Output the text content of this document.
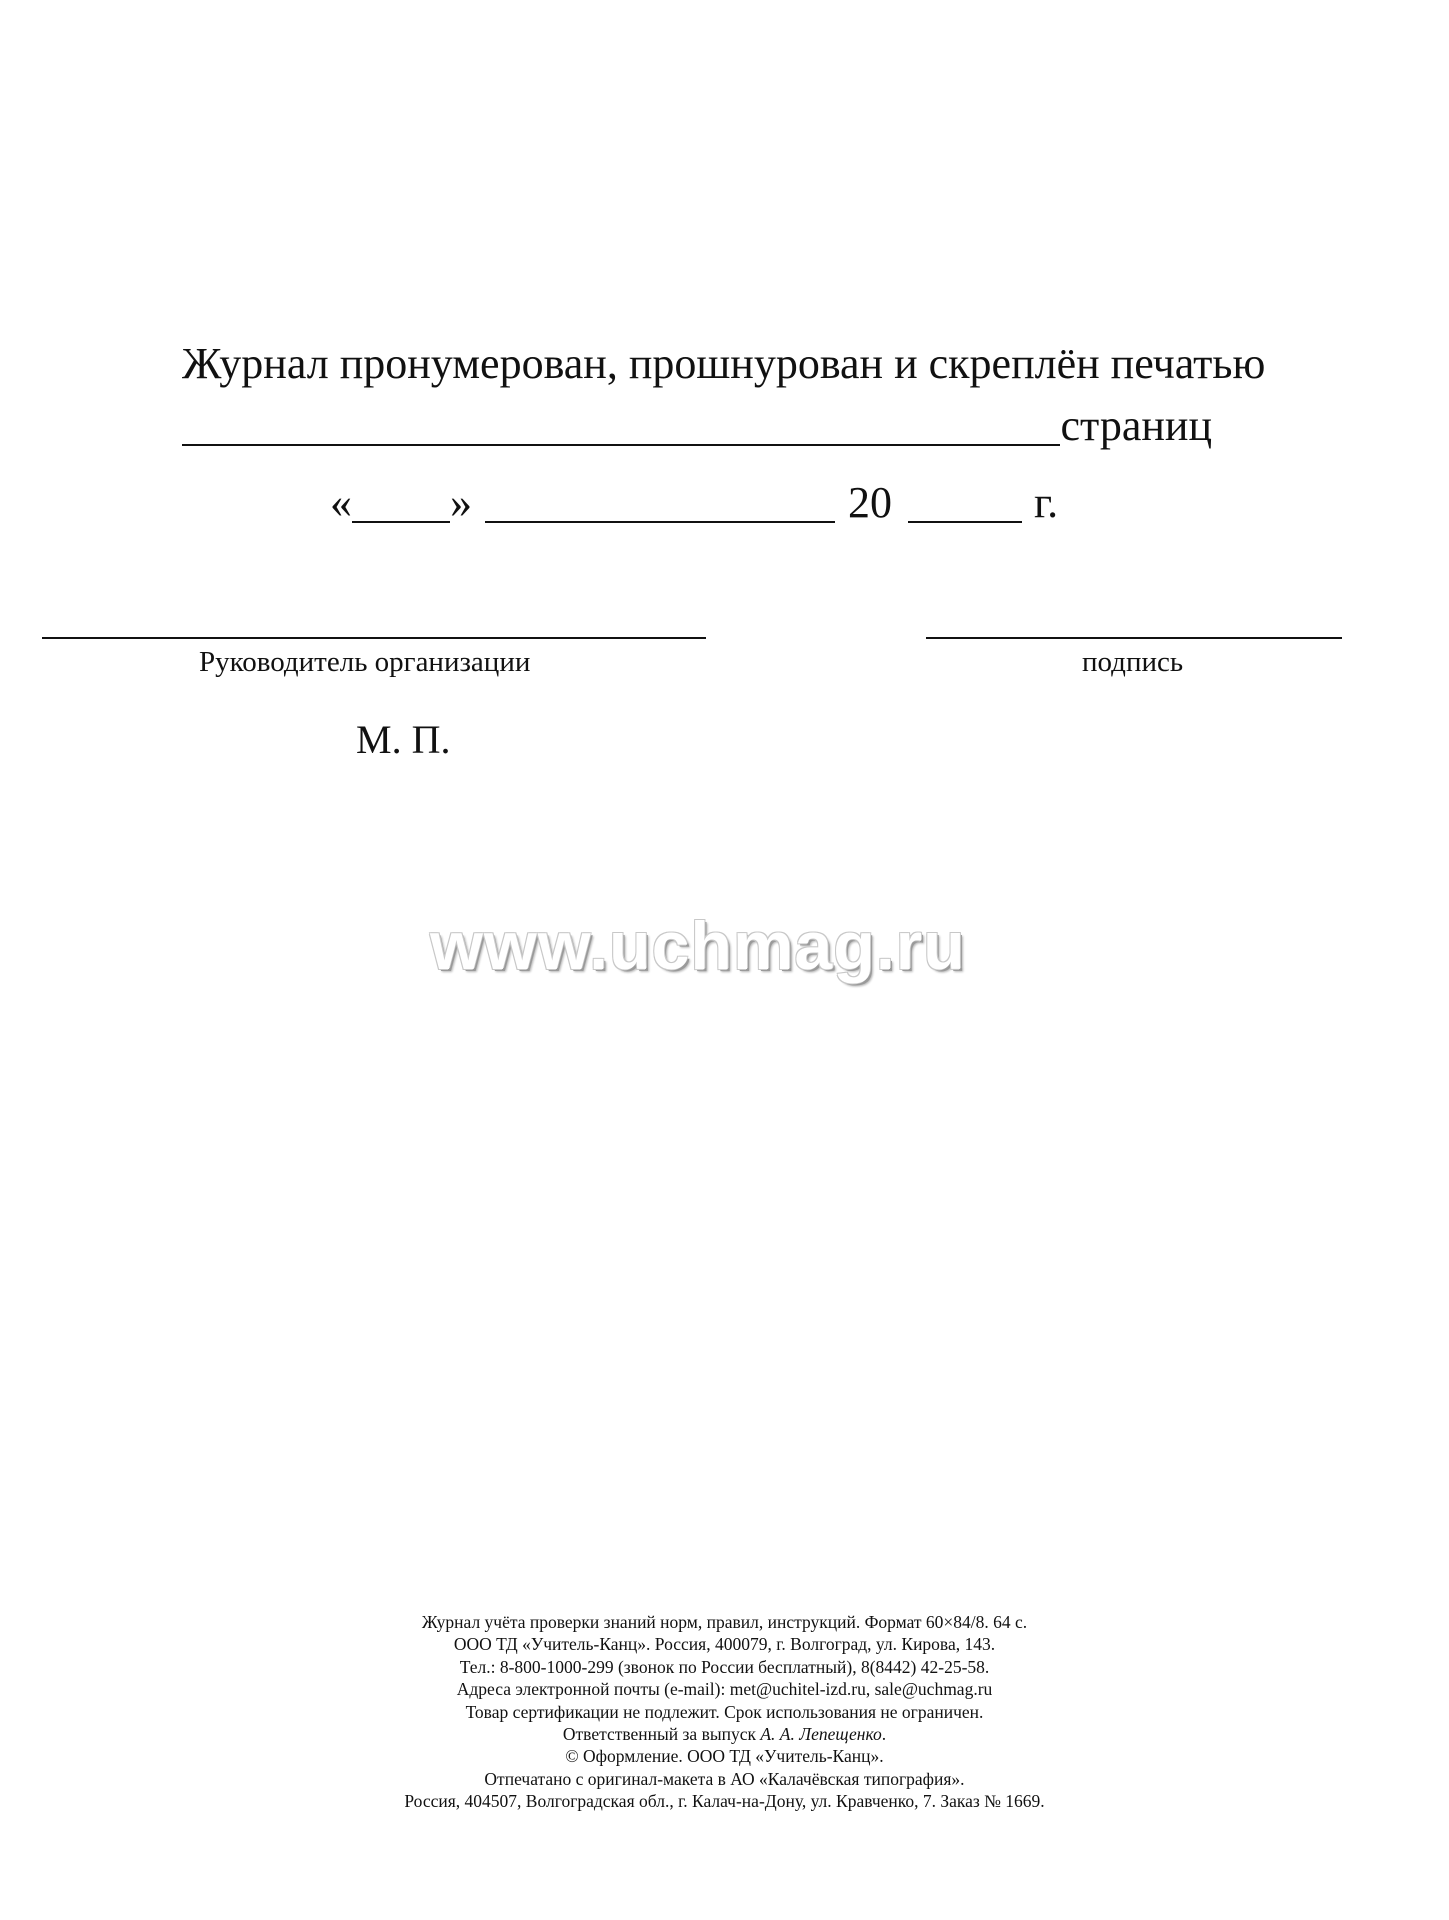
Журнал пронумерован, прошнурован и скреплён печатью
страниц
« »	20	г.
Руководитель организации	подпись
М. П.
www.uchmag.ru
Журнал учёта проверки знаний норм, правил, инструкций. Формат 60×84/8. 64 с.
ООО ТД «Учитель-Канц». Россия, 400079, г. Волгоград, ул. Кирова, 143.
Тел.: 8-800-1000-299 (звонок по России бесплатный), 8(8442) 42-25-58.
Адреса электронной почты (e-mail): met@uchitel-izd.ru, sale@uchmag.ru
Товар сертификации не подлежит. Срок использования не ограничен.
Ответственный за выпуск А. А. Лепещенко.
© Оформление. ООО ТД «Учитель-Канц».
Отпечатано с оригинал-макета в АО «Калачёвская типография».
Россия, 404507, Волгоградская обл., г. Калач-на-Дону, ул. Кравченко, 7. Заказ № 1669.
